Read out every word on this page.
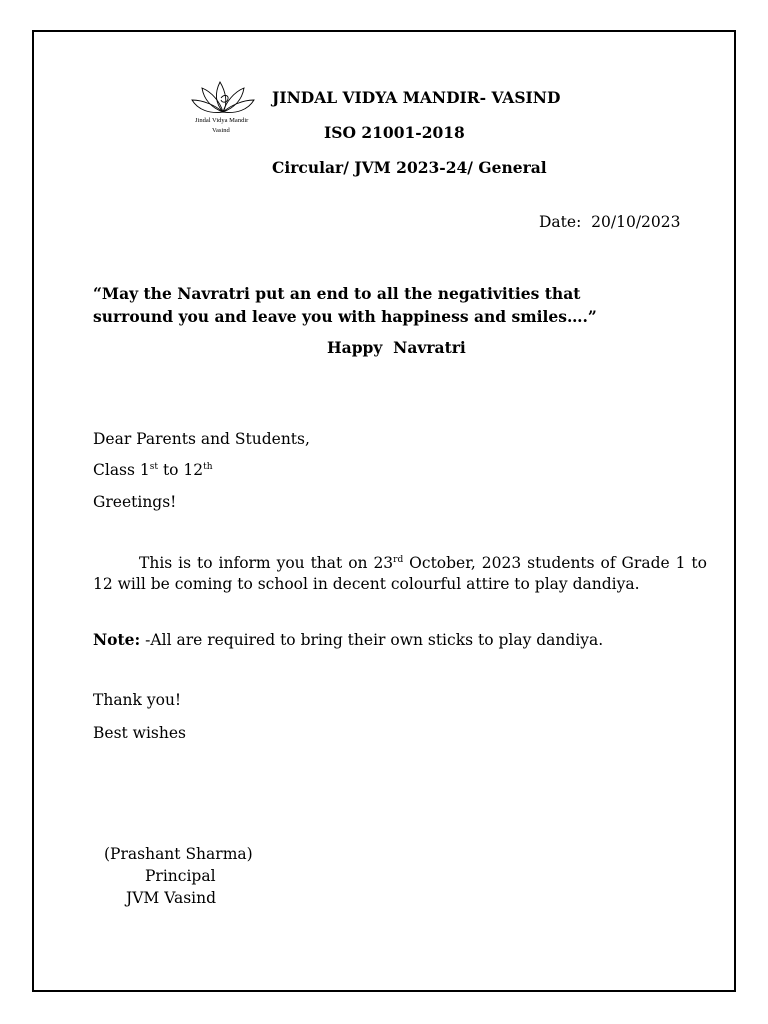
Jindal Vidya Mandir
Vasind
JINDAL VIDYA MANDIR- VASIND
ISO 21001-2018
Circular/ JVM 2023-24/ General
Date: 20/10/2023
“May the Navratri put an end to all the negativities that
surround you and leave you with happiness and smiles….”
Happy  Navratri
Dear Parents and Students,
Class 1st to 12th
Greetings!
This is to inform you that on 23rd October, 2023 students of Grade 1 to 12 will be coming to school in decent colourful attire to play dandiya.
Note: -All are required to bring their own sticks to play dandiya.
Thank you!
Best wishes
(Prashant Sharma)
Principal
JVM Vasind
